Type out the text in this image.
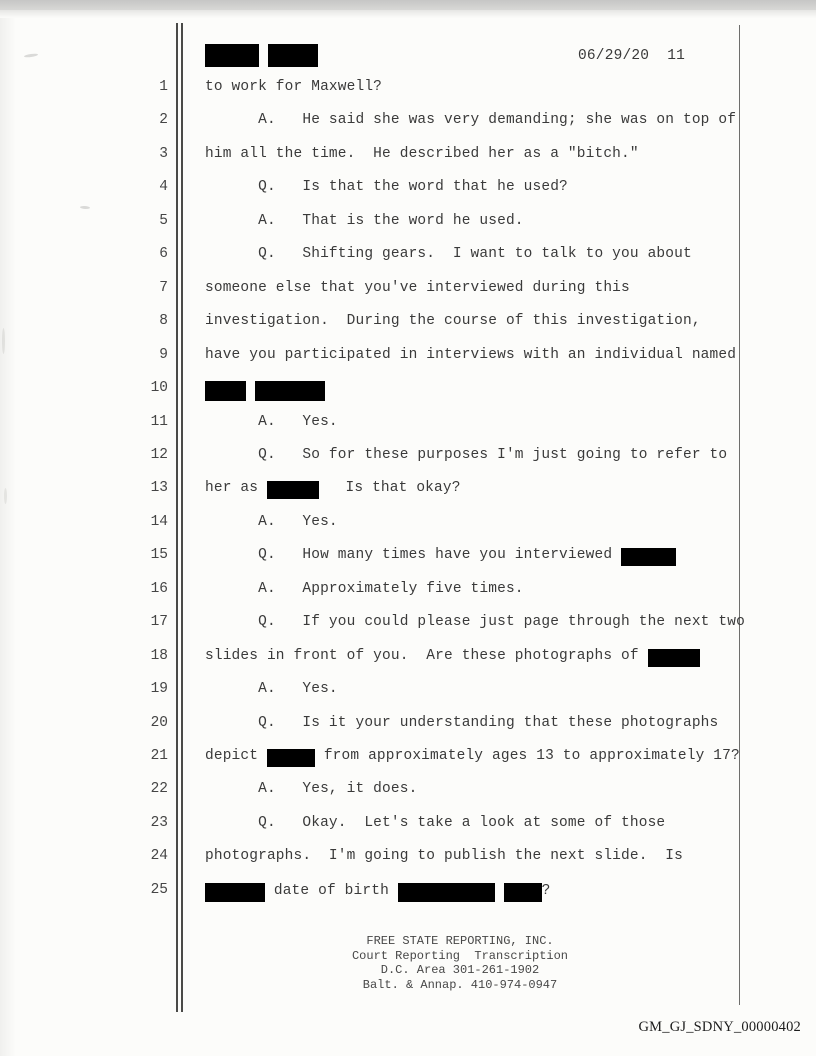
06/29/20 11
1	to work for Maxwell?
2	A.   He said she was very demanding; she was on top of
3	him all the time.  He described her as a "bitch."
4	Q.   Is that the word that he used?
5	A.   That is the word he used.
6	Q.   Shifting gears.  I want to talk to you about
7	someone else that you've interviewed during this
8	investigation.  During the course of this investigation,
9	have you participated in interviews with an individual named
10

11	A.   Yes.
12	Q.   So for these purposes I'm just going to refer to
13	her as	Is that okay?
14	A.   Yes.
15	Q.   How many times have you interviewed
16	A.   Approximately five times.
17	Q.   If you could please just page through the next two
18	slides in front of you.  Are these photographs of
19	A.   Yes.
20	Q.   Is it your understanding that these photographs
21	depict	from approximately ages 13 to approximately 17?
22	A.   Yes, it does.
23	Q.   Okay.  Let's take a look at some of those
24	photographs.  I'm going to publish the next slide.  Is
25	date of birth	?
FREE STATE REPORTING, INC.
Court Reporting  Transcription
D.C. Area 301-261-1902
Balt. & Annap. 410-974-0947
GM_GJ_SDNY_00000402
